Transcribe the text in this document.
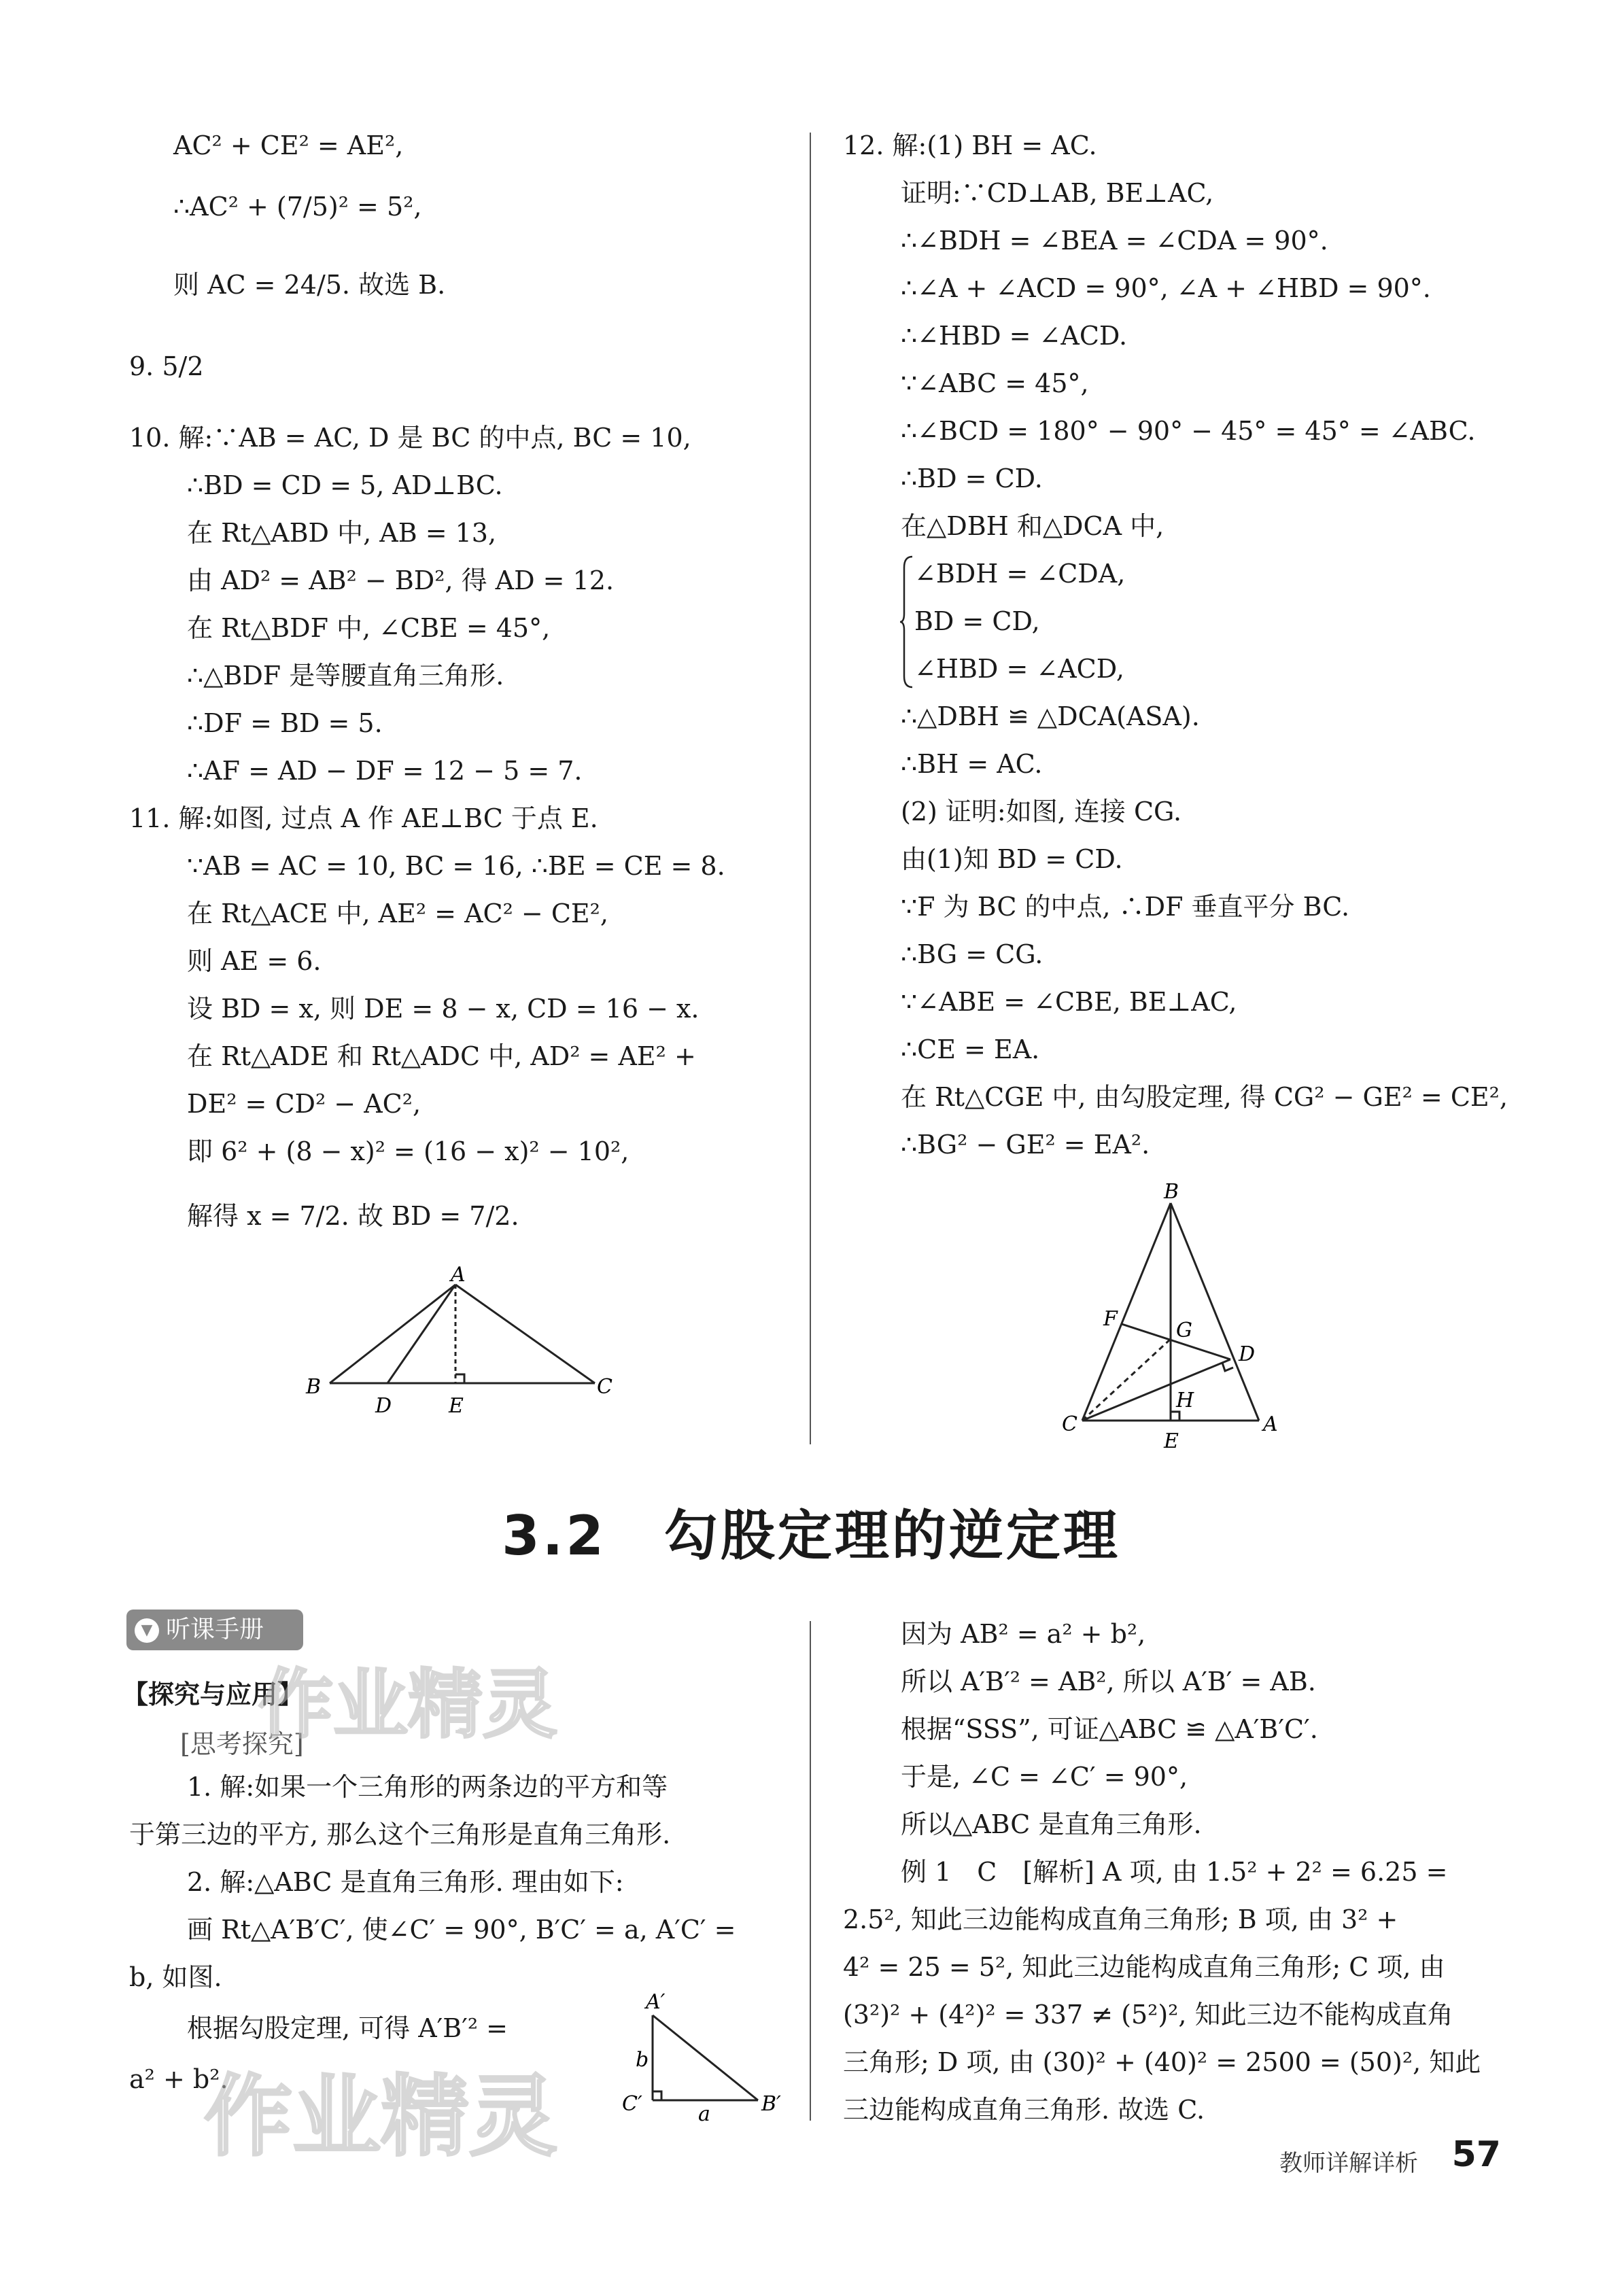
AC² + CE² = AE²,
∴AC² + (7/5)² = 5²,
则 AC = 24/5. 故选 B.
9. 5/2
10. 解:∵AB = AC, D 是 BC 的中点, BC = 10,
∴BD = CD = 5, AD⊥BC.
在 Rt△ABD 中, AB = 13,
由 AD² = AB² − BD², 得 AD = 12.
在 Rt△BDF 中, ∠CBE = 45°,
∴△BDF 是等腰直角三角形.
∴DF = BD = 5.
∴AF = AD − DF = 12 − 5 = 7.
11. 解:如图, 过点 A 作 AE⊥BC 于点 E.
∵AB = AC = 10, BC = 16, ∴BE = CE = 8.
在 Rt△ACE 中, AE² = AC² − CE²,
则 AE = 6.
设 BD = x, 则 DE = 8 − x, CD = 16 − x.
在 Rt△ADE 和 Rt△ADC 中, AD² = AE² +
DE² = CD² − AC²,
即 6² + (8 − x)² = (16 − x)² − 10²,
解得 x = 7/2. 故 BD = 7/2.
A
B	C
D	E
12. 解:(1) BH = AC.
证明:∵CD⊥AB, BE⊥AC,
∴∠BDH = ∠BEA = ∠CDA = 90°.
∴∠A + ∠ACD = 90°, ∠A + ∠HBD = 90°.
∴∠HBD = ∠ACD.
∵∠ABC = 45°,
∴∠BCD = 180° − 90° − 45° = 45° = ∠ABC.
∴BD = CD.
在△DBH 和△DCA 中,
∠BDH = ∠CDA,
BD = CD,
∠HBD = ∠ACD,
∴△DBH ≌ △DCA(ASA).
∴BH = AC.
(2) 证明:如图, 连接 CG.
由(1)知 BD = CD.
∵F 为 BC 的中点, ∴DF 垂直平分 BC.
∴BG = CG.
∵∠ABE = ∠CBE, BE⊥AC,
∴CE = EA.
在 Rt△CGE 中, 由勾股定理, 得 CG² − GE² = CE²,
∴BG² − GE² = EA².
B
F	G
D
H
C	A
E
3.2　勾股定理的逆定理
▼ 听课手册
【探究与应用】
[思考探究]
1. 解:如果一个三角形的两条边的平方和等
于第三边的平方, 那么这个三角形是直角三角形.
2. 解:△ABC 是直角三角形. 理由如下:
画 Rt△A′B′C′, 使∠C′ = 90°, B′C′ = a, A′C′ =
b, 如图.
根据勾股定理, 可得 A′B′² =
a² + b².
A′
C′	B′
a
b
因为 AB² = a² + b²,
所以 A′B′² = AB², 所以 A′B′ = AB.
根据“SSS”, 可证△ABC ≌ △A′B′C′.
于是, ∠C = ∠C′ = 90°,
所以△ABC 是直角三角形.
例 1　C　[解析] A 项, 由 1.5² + 2² = 6.25 =
2.5², 知此三边能构成直角三角形; B 项, 由 3² +
4² = 25 = 5², 知此三边能构成直角三角形; C 项, 由
(3²)² + (4²)² = 337 ≠ (5²)², 知此三边不能构成直角
三角形; D 项, 由 (30)² + (40)² = 2500 = (50)², 知此
三边能构成直角三角形. 故选 C.
作业精灵
作业精灵	教师详解详析 57
